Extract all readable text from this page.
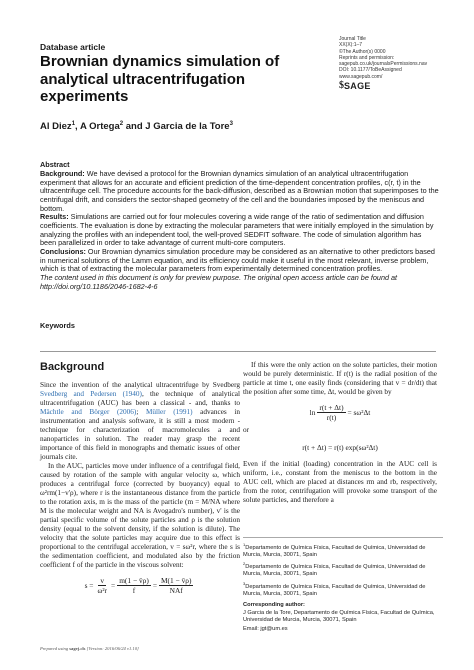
Journal Title
XX(X):1–7
©The Author(s) 0000
Reprints and permission:
sagepub.co.uk/journalsPermissions.nav
DOI: 10.1177/ToBeAssigned
www.sagepub.com/
$ SAGE
Database article
Brownian dynamics simulation of analytical ultracentrifugation experiments
Al Diez$^1$, A Ortega$^2$ and J Garcia de la Tore$^3$
Abstract

Background: We have devised a protocol for the Brownian dynamics simulation of an analytical ultracentrifugation experiment that allows for an accurate and efficient prediction of the time-dependent concentration profiles, c(r, t) in the ultracentrifuge cell. The procedure accounts for the back-diffusion, described as a Brownian motion that superimposes to the centrifugal drift, and considers the sector-shaped geometry of the cell and the boundaries imposed by the meniscus and bottom.

Results: Simulations are carried out for four molecules covering a wide range of the ratio of sedimentation and diffusion coefficients. The evaluation is done by extracting the molecular parameters that were initially employed in the simulation by analyzing the profiles with an independent tool, the well-proved SEDFIT software. The code of simulation algorithm has been parallelized in order to take advantage of current multi-core computers.

Conclusions: Our Brownian dynamics simulation procedure may be considered as an alternative to other predictors based in numerical solutions of the Lamm equation, and its efficiency could make it useful in the most relevant, inverse problem, which is that of extracting the molecular parameters from experimentally determined concentration profiles.

The content used in this document is only for preview purpose. The original open access article can be found at http://doi.org/10.1186/2046-1682-4-6

Keywords
Background

Since the invention of the analytical ultracentrifuge by Svedberg Svedberg and Pedersen (1940), the technique of analytical ultracentrifugation (AUC) has been a classical - and, thanks to Mächtle and Börger (2006); Müller (1991) advances in instrumentation and analysis software, it is still a most modern - technique for characterization of macromolecules a and nanoparticles in solution. The reader may grasp the recent importance of this field in monographs and thematic issues of other journals cite.

In the AUC, particles move under influence of a centrifugal field, caused by rotation of the sample with angular velocity ω, which produces a centrifugal force (corrected by buoyancy) equal to ω²rm(1−v'ρ), where r is the instantaneous distance from the particle to the rotation axis, m is the mass of the particle (m = M/NA where M is the molecular weight and NA is Avogadro's number), v' is the partial specific volume of the solute particles and ρ is the solution density (equal to the solvent density, if the solution is dilute). The velocity that the solute particles may acquire due to this effect is proportional to the centrifugal acceleration, v = sω²r, where the s is the sedimentation coefficient, and modulated also by the friction coefficient f of the particle in the viscous solvent:

$s = \frac{v}{\text{ω²r}} = \frac{m(1 - v̄\rho)}{f} = \frac{M(1 - v̄\rho)}{\text{NAf}}$

If this were the only action on the solute particles, their motion would be purely deterministic. If r(t) is the radial position of the particle at time t, one easily finds (considering that v = dr/dt) that the position after some time, Δt, would be given by

$\ln \frac{r(t + \Delta t)}{r(t)} = s\omega^2\Delta t$

or

r(t + Δt) = r(t) exp(sω²Δt)

Even if the initial (loading) concentration in the AUC cell is uniform, i.e., constant from the meniscus to the bottom in the AUC cell, which are placed at distances rm and rb, respectively, from the rotor, centrifugation will provoke some transport of the solute particles, and therefore a

$^1$Departamento de Química Física, Facultad de Química, Universidad de Murcia, Murcia, 30071, Spain

$^2$Departamento de Química Física, Facultad de Química, Universidad de Murcia, Murcia, 30071, Spain

$^3$Departamento de Química Física, Facultad de Química, Universidad de Murcia, Murcia, 30071, Spain

Corresponding author:

J Garcia de la Tore, Departamento de Química Física, Facultad de Química, Universidad de Murcia, Murcia, 30071, Spain

Email: jgt@um.es

Prepared using sagej.cls [Version: 2016/06/24 v1.10]
